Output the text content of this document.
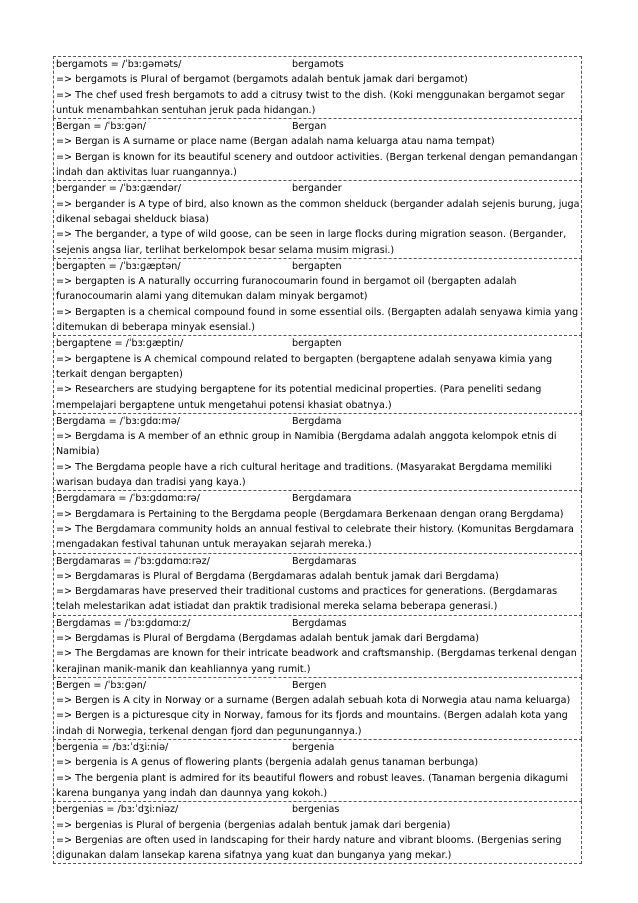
bergamots = /ˈbɜːɡəməts/	bergamots
=> bergamots is Plural of bergamot (bergamots adalah bentuk jamak dari bergamot)
=> The chef used fresh bergamots to add a citrusy twist to the dish. (Koki menggunakan bergamot segar untuk menambahkan sentuhan jeruk pada hidangan.)
Bergan = /ˈbɜːɡən/	Bergan
=> Bergan is A surname or place name (Bergan adalah nama keluarga atau nama tempat)
=> Bergan is known for its beautiful scenery and outdoor activities. (Bergan terkenal dengan pemandangan indah dan aktivitas luar ruangannya.)
bergander = /ˈbɜːɡændər/	bergander
=> bergander is A type of bird, also known as the common shelduck (bergander adalah sejenis burung, juga dikenal sebagai shelduck biasa)
=> The bergander, a type of wild goose, can be seen in large flocks during migration season. (Bergander, sejenis angsa liar, terlihat berkelompok besar selama musim migrasi.)
bergapten = /ˈbɜːɡæptən/	bergapten
=> bergapten is A naturally occurring furanocoumarin found in bergamot oil (bergapten adalah furanocoumarin alami yang ditemukan dalam minyak bergamot)
=> Bergapten is a chemical compound found in some essential oils. (Bergapten adalah senyawa kimia yang ditemukan di beberapa minyak esensial.)
bergaptene = /ˈbɜːɡæptin/	bergapten
=> bergaptene is A chemical compound related to bergapten (bergaptene adalah senyawa kimia yang terkait dengan bergapten)
=> Researchers are studying bergaptene for its potential medicinal properties. (Para peneliti sedang mempelajari bergaptene untuk mengetahui potensi khasiat obatnya.)
Bergdama = /ˈbɜːɡdɑːmə/	Bergdama
=> Bergdama is A member of an ethnic group in Namibia (Bergdama adalah anggota kelompok etnis di Namibia)
=> The Bergdama people have a rich cultural heritage and traditions. (Masyarakat Bergdama memiliki warisan budaya dan tradisi yang kaya.)
Bergdamara = /ˈbɜːɡdɑmɑːrə/	Bergdamara
=> Bergdamara is Pertaining to the Bergdama people (Bergdamara Berkenaan dengan orang Bergdama)
=> The Bergdamara community holds an annual festival to celebrate their history. (Komunitas Bergdamara mengadakan festival tahunan untuk merayakan sejarah mereka.)
Bergdamaras = /ˈbɜːɡdɑmɑːrəz/	Bergdamaras
=> Bergdamaras is Plural of Bergdama (Bergdamaras adalah bentuk jamak dari Bergdama)
=> Bergdamaras have preserved their traditional customs and practices for generations. (Bergdamaras telah melestarikan adat istiadat dan praktik tradisional mereka selama beberapa generasi.)
Bergdamas = /ˈbɜːɡdɑmɑːz/	Bergdamas
=> Bergdamas is Plural of Bergdama (Bergdamas adalah bentuk jamak dari Bergdama)
=> The Bergdamas are known for their intricate beadwork and craftsmanship. (Bergdamas terkenal dengan kerajinan manik-manik dan keahliannya yang rumit.)
Bergen = /ˈbɜːɡən/	Bergen
=> Bergen is A city in Norway or a surname (Bergen adalah sebuah kota di Norwegia atau nama keluarga)
=> Bergen is a picturesque city in Norway, famous for its fjords and mountains. (Bergen adalah kota yang indah di Norwegia, terkenal dengan fjord dan pegunungannya.)
bergenia = /bɜːˈdʒiːniə/	bergenia
=> bergenia is A genus of flowering plants (bergenia adalah genus tanaman berbunga)
=> The bergenia plant is admired for its beautiful flowers and robust leaves. (Tanaman bergenia dikagumi karena bunganya yang indah dan daunnya yang kokoh.)
bergenias = /bɜːˈdʒiːniəz/	bergenias
=> bergenias is Plural of bergenia (bergenias adalah bentuk jamak dari bergenia)
=> Bergenias are often used in landscaping for their hardy nature and vibrant blooms. (Bergenias sering digunakan dalam lansekap karena sifatnya yang kuat dan bunganya yang mekar.)
